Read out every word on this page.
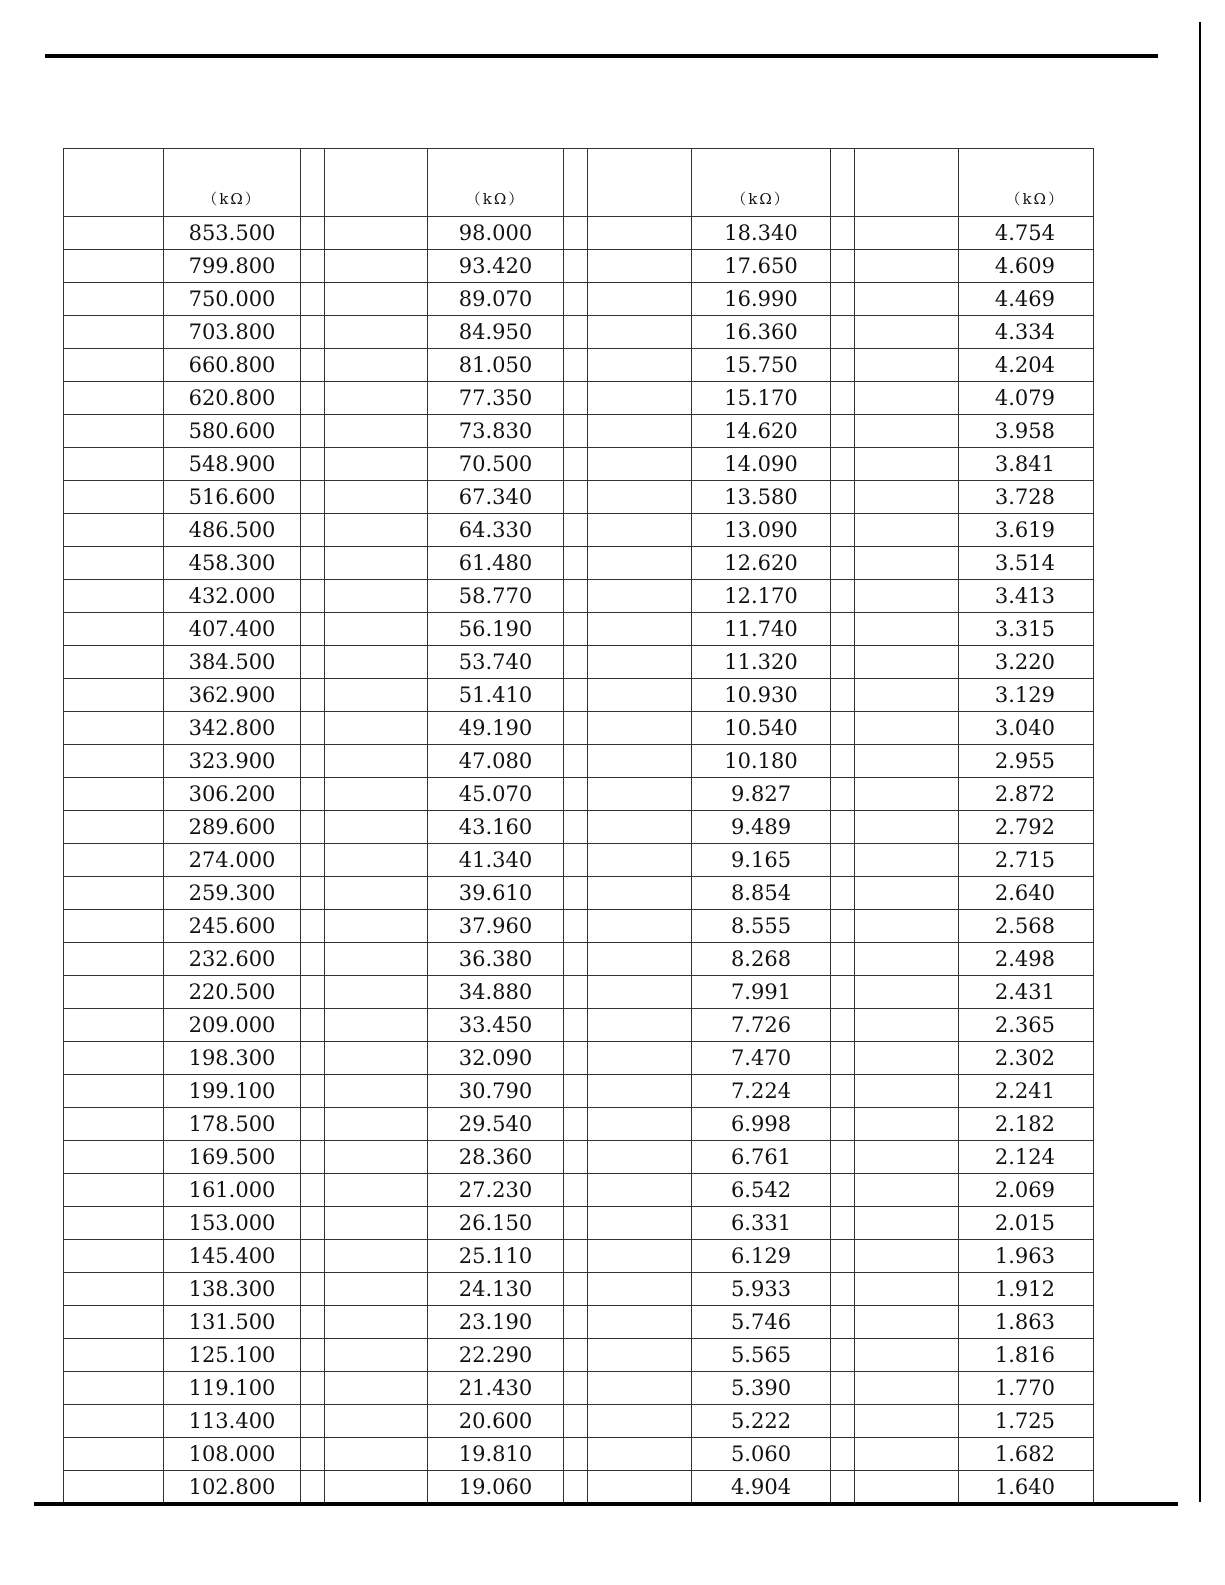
	（kΩ）			（kΩ）			（kΩ）			（kΩ）
	853.500			98.000			18.340			4.754
	799.800			93.420			17.650			4.609
	750.000			89.070			16.990			4.469
	703.800			84.950			16.360			4.334
	660.800			81.050			15.750			4.204
	620.800			77.350			15.170			4.079
	580.600			73.830			14.620			3.958
	548.900			70.500			14.090			3.841
	516.600			67.340			13.580			3.728
	486.500			64.330			13.090			3.619
	458.300			61.480			12.620			3.514
	432.000			58.770			12.170			3.413
	407.400			56.190			11.740			3.315
	384.500			53.740			11.320			3.220
	362.900			51.410			10.930			3.129
	342.800			49.190			10.540			3.040
	323.900			47.080			10.180			2.955
	306.200			45.070			9.827			2.872
	289.600			43.160			9.489			2.792
	274.000			41.340			9.165			2.715
	259.300			39.610			8.854			2.640
	245.600			37.960			8.555			2.568
	232.600			36.380			8.268			2.498
	220.500			34.880			7.991			2.431
	209.000			33.450			7.726			2.365
	198.300			32.090			7.470			2.302
	199.100			30.790			7.224			2.241
	178.500			29.540			6.998			2.182
	169.500			28.360			6.761			2.124
	161.000			27.230			6.542			2.069
	153.000			26.150			6.331			2.015
	145.400			25.110			6.129			1.963
	138.300			24.130			5.933			1.912
	131.500			23.190			5.746			1.863
	125.100			22.290			5.565			1.816
	119.100			21.430			5.390			1.770
	113.400			20.600			5.222			1.725
	108.000			19.810			5.060			1.682
	102.800			19.060			4.904			1.640
